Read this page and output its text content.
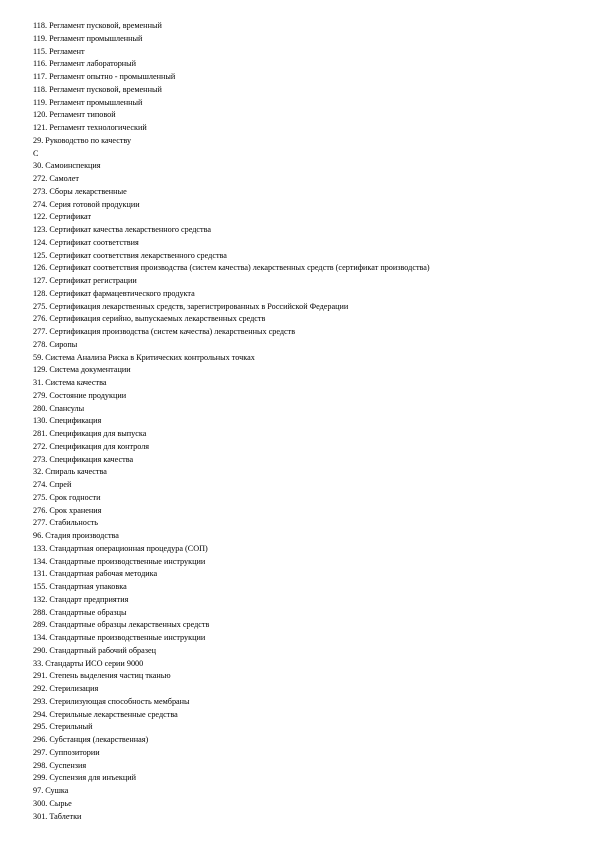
118. Регламент пусковой, временный
119. Регламент промышленный
115. Регламент
116. Регламент лабораторный
117. Регламент опытно - промышленный
118. Регламент пусковой, временный
119. Регламент промышленный
120. Регламент типовой
121. Регламент технологический
29. Руководство по качеству
С
30. Самоинспекция
272. Самолет
273. Сборы лекарственные
274. Серия готовой продукции
122. Сертификат
123. Сертификат качества лекарственного средства
124. Сертификат соответствия
125. Сертификат соответствия лекарственного средства
126. Сертификат соответствия производства (систем качества) лекарственных средств (сертификат производства)
127. Сертификат регистрации
128. Сертификат фармацевтического продукта
275. Сертификация лекарственных средств, зарегистрированных в Российской Федерации
276. Сертификация серийно, выпускаемых лекарственных средств
277. Сертификация производства (систем качества) лекарственных средств
278. Сиропы
59. Система Анализа Риска в Критических контрольных точках
129. Система документации
31. Система качества
279. Состояние продукции
280. Спансулы
130. Спецификация
281. Спецификация для выпуска
272. Спецификация для контроля
273. Спецификация качества
32. Спираль качества
274. Спрей
275. Срок годности
276. Срок хранения
277. Стабильность
96. Стадия производства
133. Стандартная операционная процедура (СОП)
134. Стандартные производственные инструкции
131. Стандартная рабочая методика
155. Стандартная упаковка
132. Стандарт предприятия
288. Стандартные образцы
289. Стандартные образцы лекарственных средств
134. Стандартные производственные инструкции
290. Стандартный рабочий образец
33. Стандарты ИСО серии 9000
291. Степень выделения частиц тканью
292. Стерилизация
293. Стерилизующая способность мембраны
294. Стерильные лекарственные средства
295. Стерильный
296. Субстанция (лекарственная)
297. Суппозитории
298. Суспензия
299. Суспензия для инъекций
97. Сушка
300. Сырье
301. Таблетки
